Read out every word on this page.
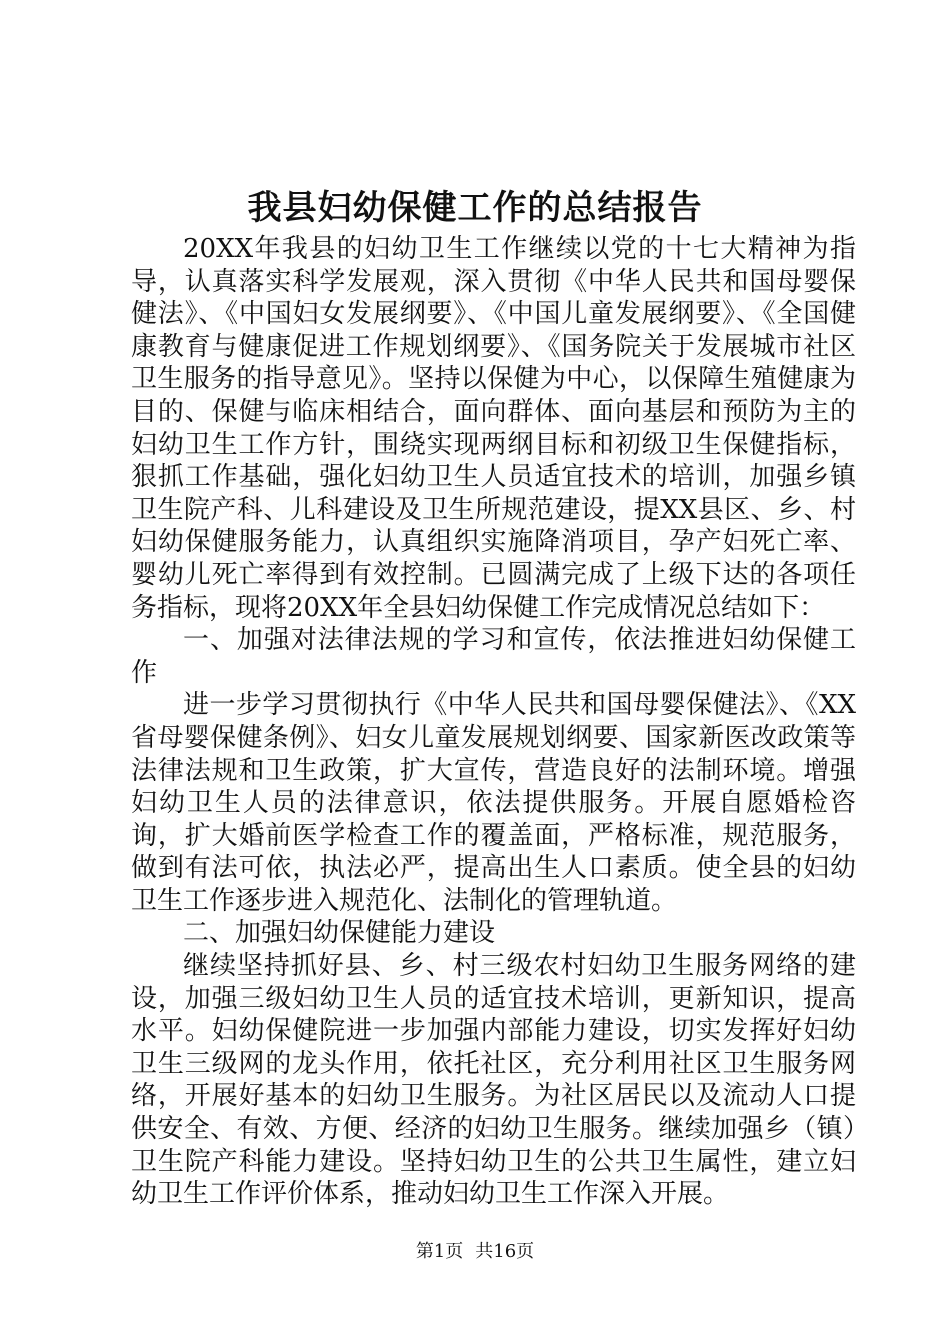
我县妇幼保健工作的总结报告

20XX年我县的妇幼卫生工作继续以党的十七大精神为指导，认真落实科学发展观，深入贯彻《中华人民共和国母婴保健法》、《中国妇女发展纲要》、《中国儿童发展纲要》、《全国健康教育与健康促进工作规划纲要》、《国务院关于发展城市社区卫生服务的指导意见》。坚持以保健为中心，以保障生殖健康为目的、保健与临床相结合，面向群体、面向基层和预防为主的妇幼卫生工作方针，围绕实现两纲目标和初级卫生保健指标，狠抓工作基础，强化妇幼卫生人员适宜技术的培训，加强乡镇卫生院产科、儿科建设及卫生所规范建设，提XX县区、乡、村妇幼保健服务能力，认真组织实施降消项目，孕产妇死亡率、婴幼儿死亡率得到有效控制。已圆满完成了上级下达的各项任务指标，现将20XX年全县妇幼保健工作完成情况总结如下：

一、加强对法律法规的学习和宣传，依法推进妇幼保健工作

进一步学习贯彻执行《中华人民共和国母婴保健法》、《XX省母婴保健条例》、妇女儿童发展规划纲要、国家新医改政策等法律法规和卫生政策，扩大宣传，营造良好的法制环境。增强妇幼卫生人员的法律意识，依法提供服务。开展自愿婚检咨询，扩大婚前医学检查工作的覆盖面，严格标准，规范服务，做到有法可依，执法必严，提高出生人口素质。使全县的妇幼卫生工作逐步进入规范化、法制化的管理轨道。

二、加强妇幼保健能力建设

继续坚持抓好县、乡、村三级农村妇幼卫生服务网络的建设，加强三级妇幼卫生人员的适宜技术培训，更新知识，提高水平。妇幼保健院进一步加强内部能力建设，切实发挥好妇幼卫生三级网的龙头作用，依托社区，充分利用社区卫生服务网络，开展好基本的妇幼卫生服务。为社区居民以及流动人口提供安全、有效、方便、经济的妇幼卫生服务。继续加强乡（镇）卫生院产科能力建设。坚持妇幼卫生的公共卫生属性，建立妇幼卫生工作评价体系，推动妇幼卫生工作深入开展。

第1页 共16页
